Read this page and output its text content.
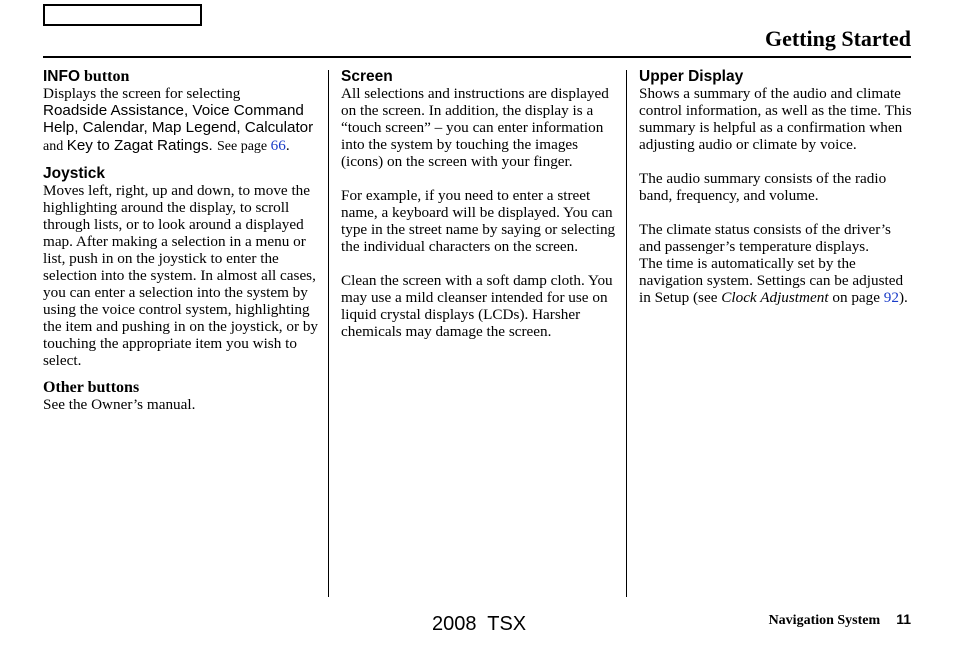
Getting Started

INFO button

Displays the screen for selecting
Roadside Assistance, Voice Command Help, Calendar, Map Legend, Calculator and Key to Zagat Ratings. See page 66.

Joystick

Moves left, right, up and down, to move the highlighting around the display, to scroll through lists, or to look around a displayed map. After making a selection in a menu or list, push in on the joystick to enter the selection into the system. In almost all cases, you can enter a selection into the system by using the voice control system, highlighting the item and pushing in on the joystick, or by touching the appropriate item you wish to select.

Other buttons

See the Owner’s manual.

Screen

All selections and instructions are displayed on the screen. In addition, the display is a “touch screen” – you can enter information into the system by touching the images (icons) on the screen with your finger.

For example, if you need to enter a street name, a keyboard will be displayed. You can type in the street name by saying or selecting the individual characters on the screen.

Clean the screen with a soft damp cloth. You may use a mild cleanser intended for use on liquid crystal displays (LCDs). Harsher chemicals may damage the screen.

Upper Display

Shows a summary of the audio and climate control information, as well as the time. This summary is helpful as a confirmation when adjusting audio or climate by voice.

The audio summary consists of the radio band, frequency, and volume.

The climate status consists of the driver’s and passenger’s temperature displays.

The time is automatically set by the navigation system. Settings can be adjusted in Setup (see Clock Adjustment on page 92).

2008  TSX	Navigation System 11
